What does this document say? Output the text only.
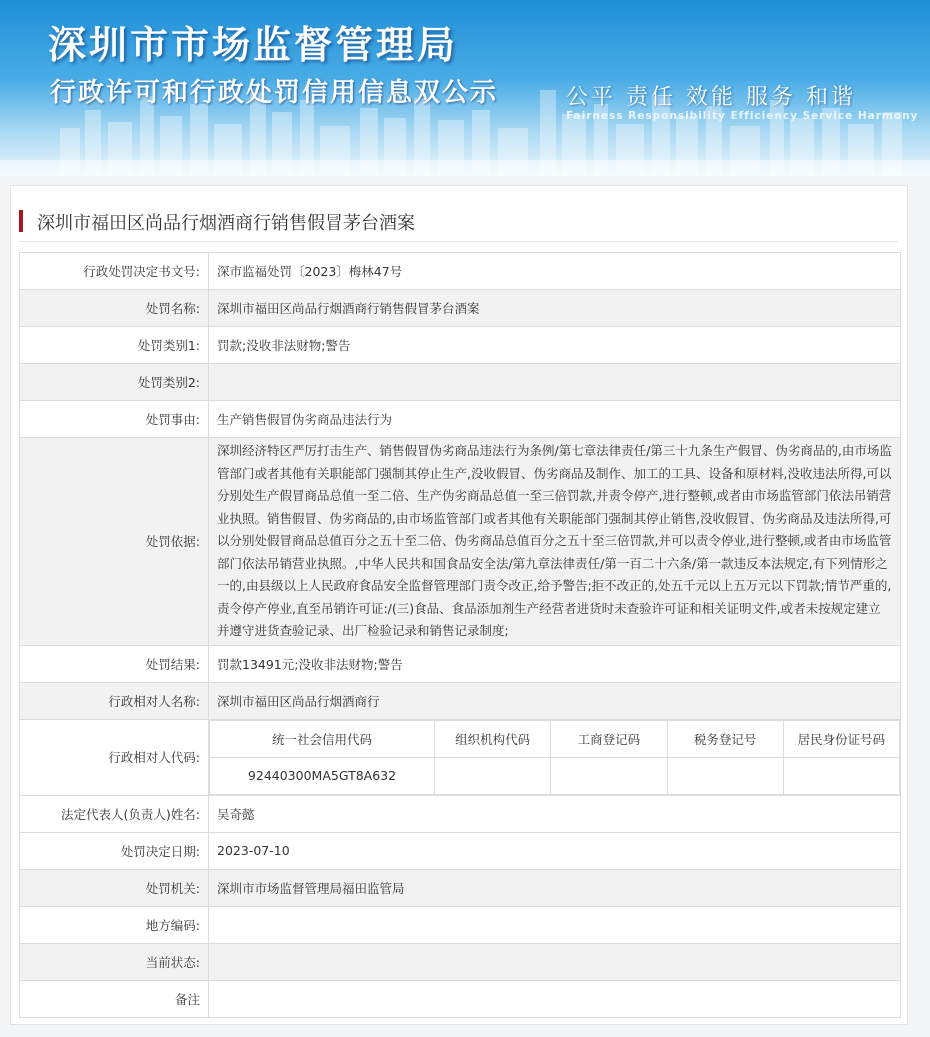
深圳市市场监督管理局
行政许可和行政处罚信用信息双公示	公平 责任 效能 服务 和谐
Fairness Responsibility Efficiency Service Harmony
深圳市福田区尚品行烟酒商行销售假冒茅台酒案
行政处罚决定书文号:	深市监福处罚〔2023〕梅林47号
处罚名称:	深圳市福田区尚品行烟酒商行销售假冒茅台酒案
处罚类别1:	罚款;没收非法财物;警告
处罚类别2:	
处罚事由:	生产销售假冒伪劣商品违法行为
处罚依据:	深圳经济特区严厉打击生产、销售假冒伪劣商品违法行为条例/第七章法律责任/第三十九条生产假冒、伪劣商品的,由市场监管部门或者其他有关职能部门强制其停止生产,没收假冒、伪劣商品及制作、加工的工具、设备和原材料,没收违法所得,可以分别处生产假冒商品总值一至二倍、生产伪劣商品总值一至三倍罚款,并责令停产,进行整顿,或者由市场监管部门依法吊销营业执照。销售假冒、伪劣商品的,由市场监管部门或者其他有关职能部门强制其停止销售,没收假冒、伪劣商品及违法所得,可以分别处假冒商品总值百分之五十至二倍、伪劣商品总值百分之五十至三倍罚款,并可以责令停业,进行整顿,或者由市场监管部门依法吊销营业执照。,中华人民共和国食品安全法/第九章法律责任/第一百二十六条/第一款违反本法规定,有下列情形之一的,由县级以上人民政府食品安全监督管理部门责令改正,给予警告;拒不改正的,处五千元以上五万元以下罚款;情节严重的,责令停产停业,直至吊销许可证:/(三)食品、食品添加剂生产经营者进货时未查验许可证和相关证明文件,或者未按规定建立并遵守进货查验记录、出厂检验记录和销售记录制度;
处罚结果:	罚款13491元;没收非法财物;警告
行政相对人名称:	深圳市福田区尚品行烟酒商行
行政相对人代码:	
统一社会信用代码	组织机构代码	工商登记码	税务登记号	居民身份证号码
92440300MA5GT8A632				

法定代表人(负责人)姓名:	吴奇懿
处罚决定日期:	2023-07-10
处罚机关:	深圳市市场监督管理局福田监管局
地方编码:	
当前状态:	
备注	
